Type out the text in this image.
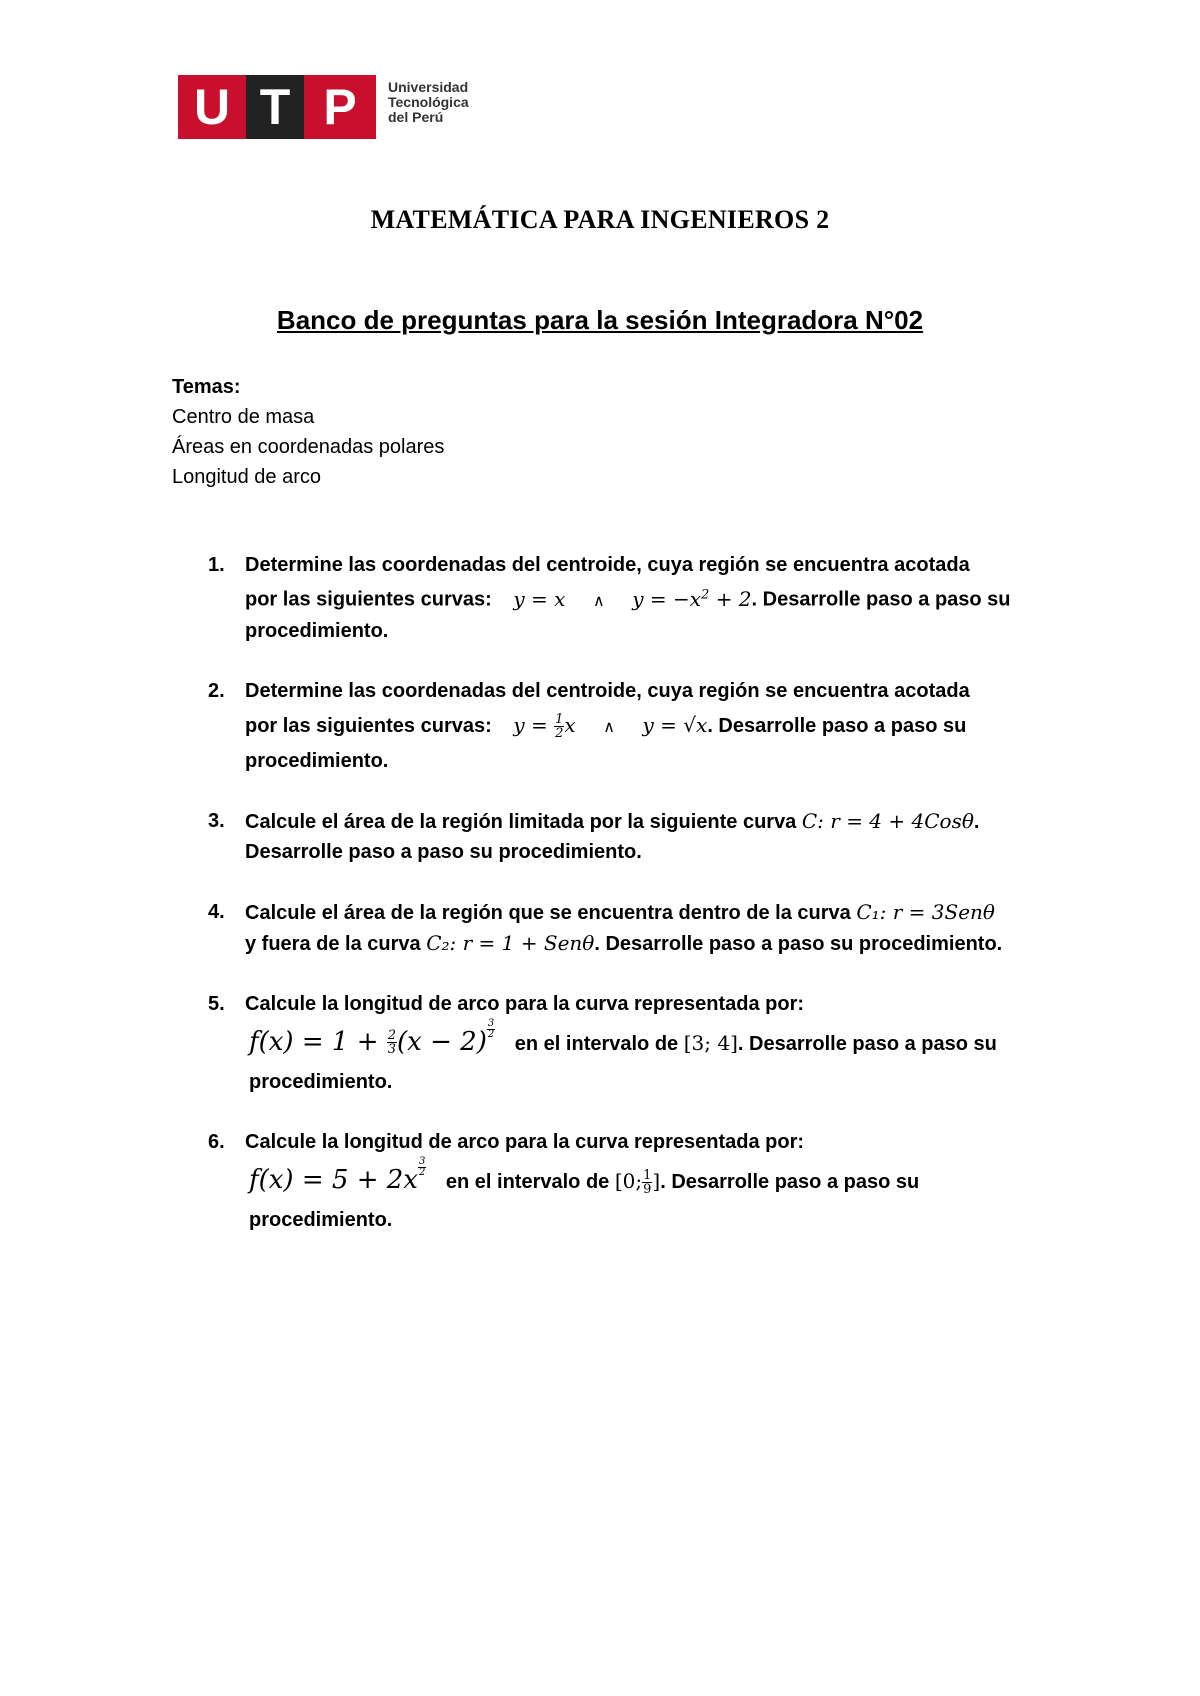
U T P	Universidad
Tecnológica
del Perú
MATEMÁTICA PARA INGENIEROS 2
Banco de preguntas para la sesión Integradora N°02
Temas:
Centro de masa
Áreas en coordenadas polares
Longitud de arco
1. Determine las coordenadas del centroide, cuya región se encuentra acotada
por las siguientes curvas: y = x ∧ $y = -x^2 + 2$. Desarrolle paso a paso su
procedimiento.
2. Determine las coordenadas del centroide, cuya región se encuentra acotada
por las siguientes curvas: $y = \frac{1}{2}$ x ∧ y = √x. Desarrolle paso a paso su
procedimiento.
3. Calcule el área de la región limitada por la siguiente curva C: r = 4 + 4Cosθ.
Desarrolle paso a paso su procedimiento.
4. Calcule el área de la región que se encuentra dentro de la curva C₁: r = 3Senθ
y fuera de la curva C₂: r = 1 + Senθ. Desarrolle paso a paso su procedimiento.
5. Calcule la longitud de arco para la curva representada por:
$f(x) = 1 + \frac{2}{3} (x - 2) \frac{3}{2}$
en el intervalo de [3; 4]. Desarrolle paso a paso su
procedimiento.
6. Calcule la longitud de arco para la curva representada por:
$f(x) = 5 + 2x \frac{3}{2}$
en el intervalo de [0; $\frac{1}{9}$ ]. Desarrolle paso a paso su
procedimiento.
